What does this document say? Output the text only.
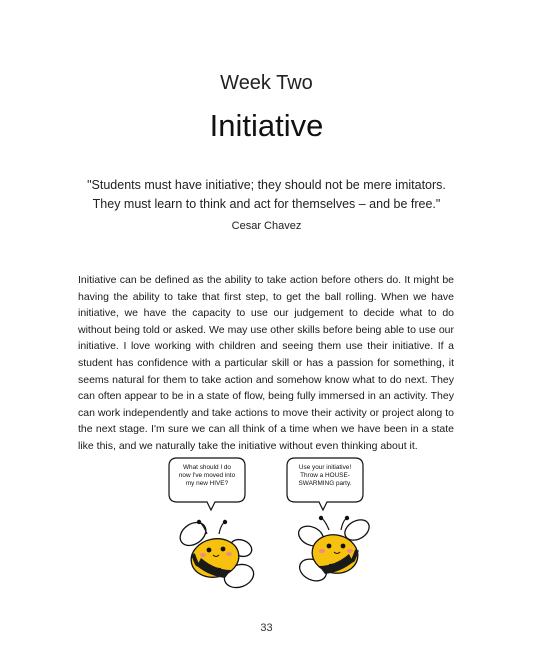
Week Two
Initiative
"Students must have initiative; they should not be mere imitators.
They must learn to think and act for themselves – and be free."
Cesar Chavez
Initiative can be defined as the ability to take action before others do. It might be having the ability to take that first step, to get the ball rolling. When we have initiative, we have the capacity to use our judgement to decide what to do without being told or asked. We may use other skills before being able to use our initiative. I love working with children and seeing them use their initiative. If a student has confidence with a particular skill or has a passion for something, it seems natural for them to take action and somehow know what to do next. They can often appear to be in a state of flow, being fully immersed in an activity. They can work independently and take actions to move their activity or project along to the next stage. I'm sure we can all think of a time when we have been in a state like this, and we naturally take the initiative without even thinking about it.
What should I do
now I've moved into
my new HIVE?
Use your initiative!
Throw a HOUSE-
SWARMING party.
33
